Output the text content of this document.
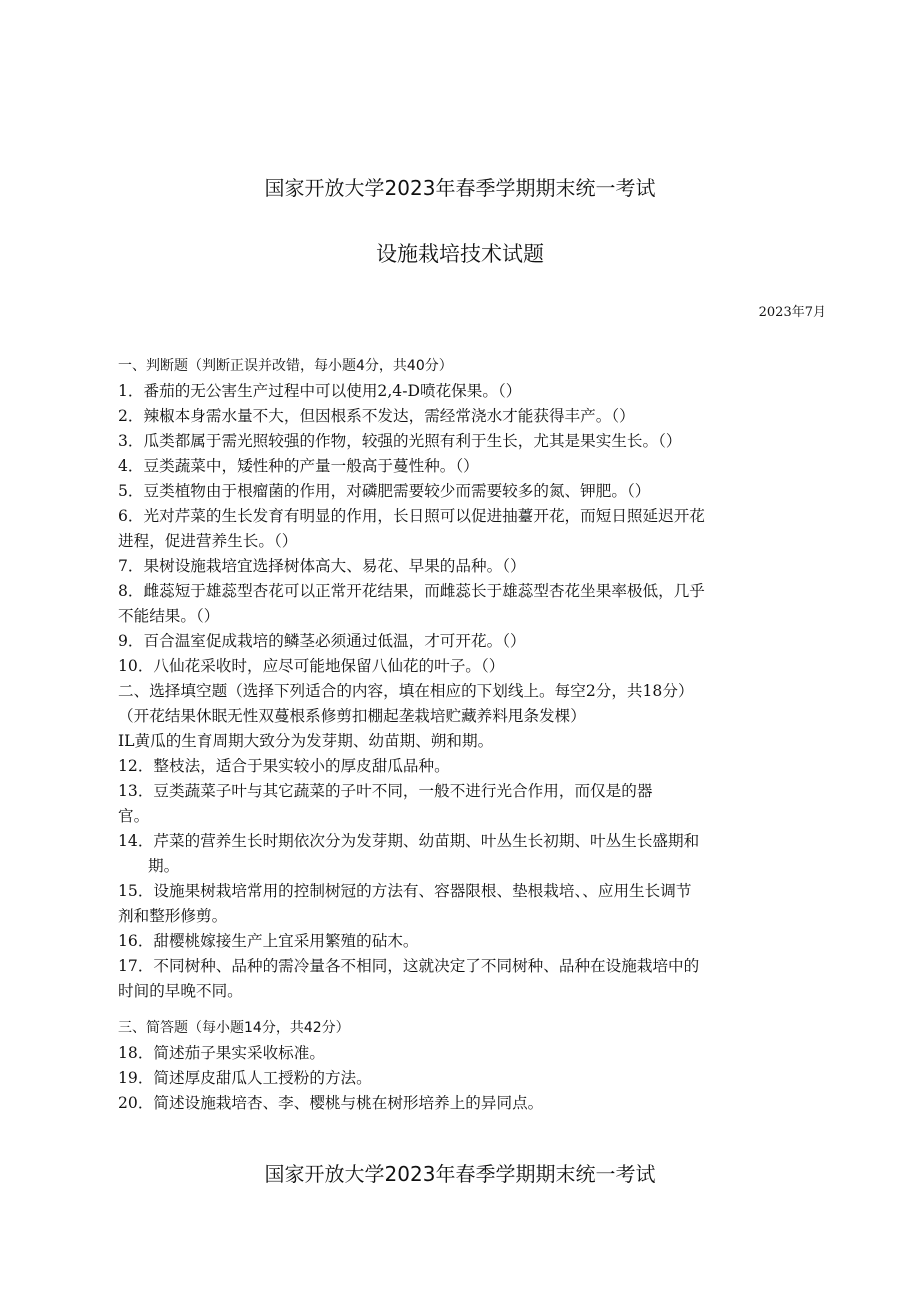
国家开放大学2023年春季学期期末统一考试
设施栽培技术试题
2023年7月
一、判断题（判断正误并改错，每小题4分，共40分）
1．番茄的无公害生产过程中可以使用2,4-D喷花保果。（）
2．辣椒本身需水量不大，但因根系不发达，需经常浇水才能获得丰产。（）
3．瓜类都属于需光照较强的作物，较强的光照有利于生长，尤其是果实生长。（）
4．豆类蔬菜中，矮性种的产量一般高于蔓性种。（）
5．豆类植物由于根瘤菌的作用，对磷肥需要较少而需要较多的氮、钾肥。（）
6．光对芹菜的生长发育有明显的作用，长日照可以促进抽薹开花，而短日照延迟开花
进程，促进营养生长。（）
7．果树设施栽培宜选择树体高大、易花、早果的品种。（）
8．雌蕊短于雄蕊型杏花可以正常开花结果，而雌蕊长于雄蕊型杏花坐果率极低，几乎
不能结果。（）
9．百合温室促成栽培的鳞茎必须通过低温，才可开花。（）
10．八仙花采收时，应尽可能地保留八仙花的叶子。（）
二、选择填空题（选择下列适合的内容，填在相应的下划线上。每空2分，共18分）
（开花结果休眠无性双蔓根系修剪扣棚起垄栽培贮藏养料甩条发棵）
IL黄瓜的生育周期大致分为发芽期、幼苗期、朔和期。
12．整枝法，适合于果实较小的厚皮甜瓜品种。
13．豆类蔬菜子叶与其它蔬菜的子叶不同，一般不进行光合作用，而仅是的器
官。
14．芹菜的营养生长时期依次分为发芽期、幼苗期、叶丛生长初期、叶丛生长盛期和
期。
15．设施果树栽培常用的控制树冠的方法有、容器限根、垫根栽培、、应用生长调节
剂和整形修剪。
16．甜樱桃嫁接生产上宜采用繁殖的砧木。
17．不同树种、品种的需冷量各不相同，这就决定了不同树种、品种在设施栽培中的
时间的早晚不同。
三、简答题（每小题14分，共42分）
18．简述茄子果实采收标准。
19．简述厚皮甜瓜人工授粉的方法。
20．简述设施栽培杏、李、樱桃与桃在树形培养上的异同点。
国家开放大学2023年春季学期期末统一考试
